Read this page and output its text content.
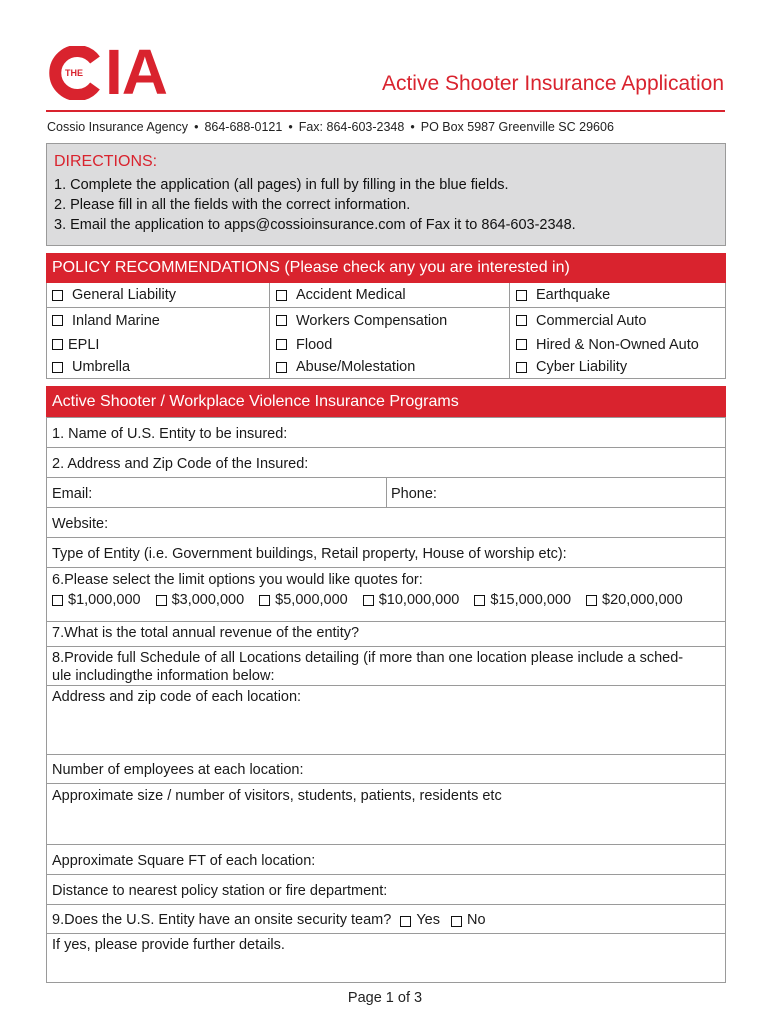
THE IA	Active Shooter Insurance Application
Cossio Insurance Agency • 864-688-0121 • Fax: 864-603-2348 • PO Box 5987 Greenville SC 29606
DIRECTIONS:
1. Complete the application (all pages) in full by filling in the blue fields.
2. Please fill in all the fields with the correct information.
3. Email the application to apps@cossioinsurance.com of Fax it to 864-603-2348.
POLICY RECOMMENDATIONS (Please check any you are interested in)
General Liability	Accident Medical	Earthquake
Inland Marine	Workers Compensation	Commercial Auto
EPLI	Flood	Hired & Non-Owned Auto
Umbrella	Abuse/Molestation	Cyber Liability
Active Shooter / Workplace Violence Insurance Programs
1. Name of U.S. Entity to be insured:
2. Address and Zip Code of the Insured:
Email:	Phone:
Website:
Type of Entity (i.e. Government buildings, Retail property, House of worship etc):
6.Please select the limit options you would like quotes for:
$1,000,000 $3,000,000 $5,000,000 $10,000,000 $15,000,000 $20,000,000
7.What is the total annual revenue of the entity?
8.Provide full Schedule of all Locations detailing (if more than one location please include a sched-
ule includingthe information below:
Address and zip code of each location:
Number of employees at each location:
Approximate size / number of visitors, students, patients, residents etc
Approximate Square FT of each location:
Distance to nearest policy station or fire department:
9.Does the U.S. Entity have an onsite security team? Yes No
If yes, please provide further details.
Page 1 of 3
